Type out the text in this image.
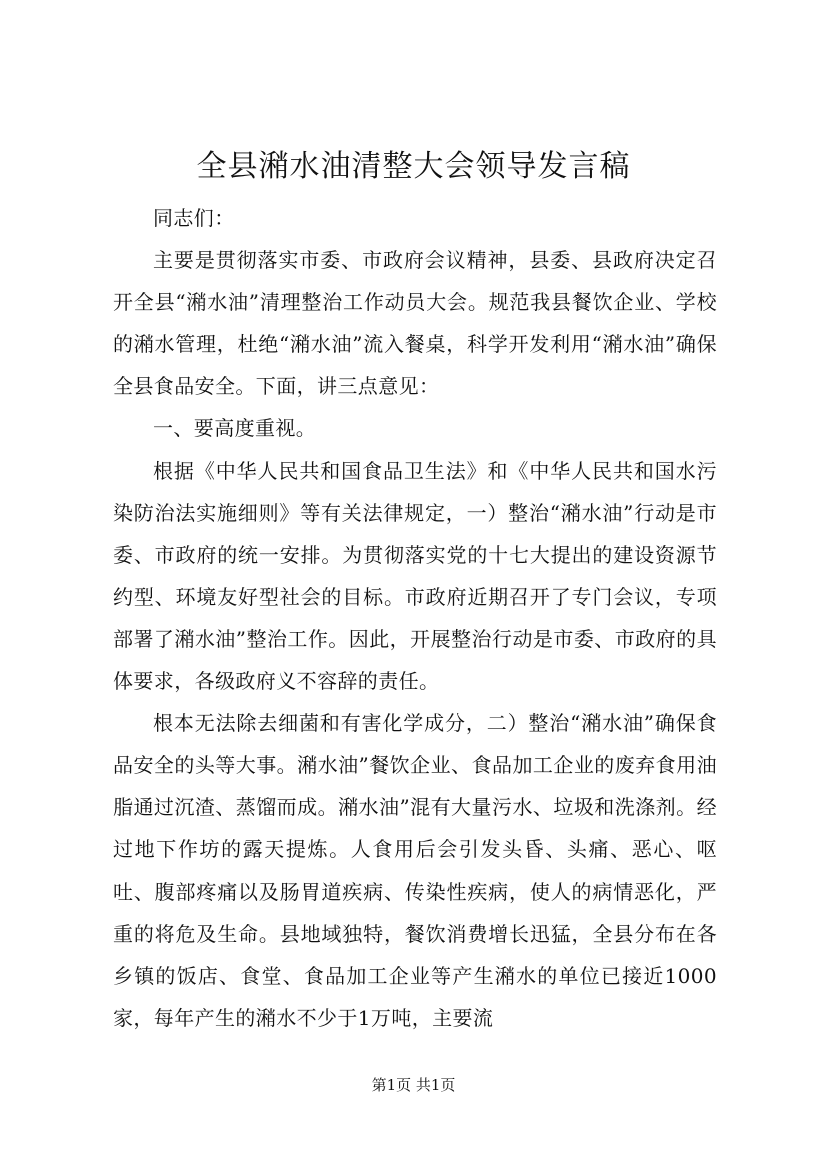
全县潲水油清整大会领导发言稿

同志们：

主要是贯彻落实市委、市政府会议精神，县委、县政府决定召开全县“潲水油”清理整治工作动员大会。规范我县餐饮企业、学校的潲水管理，杜绝“潲水油”流入餐桌，科学开发利用“潲水油”确保全县食品安全。下面，讲三点意见：

一、要高度重视。

根据《中华人民共和国食品卫生法》和《中华人民共和国水污染防治法实施细则》等有关法律规定，一）整治“潲水油”行动是市委、市政府的统一安排。为贯彻落实党的十七大提出的建设资源节约型、环境友好型社会的目标。市政府近期召开了专门会议，专项部署了潲水油”整治工作。因此，开展整治行动是市委、市政府的具体要求，各级政府义不容辞的责任。

根本无法除去细菌和有害化学成分，二）整治“潲水油”确保食品安全的头等大事。潲水油”餐饮企业、食品加工企业的废弃食用油脂通过沉渣、蒸馏而成。潲水油”混有大量污水、垃圾和洗涤剂。经过地下作坊的露天提炼。人食用后会引发头昏、头痛、恶心、呕吐、腹部疼痛以及肠胃道疾病、传染性疾病，使人的病情恶化，严重的将危及生命。县地域独特，餐饮消费增长迅猛，全县分布在各乡镇的饭店、食堂、食品加工企业等产生潲水的单位已接近1000家，每年产生的潲水不少于1万吨，主要流

第1页 共1页
